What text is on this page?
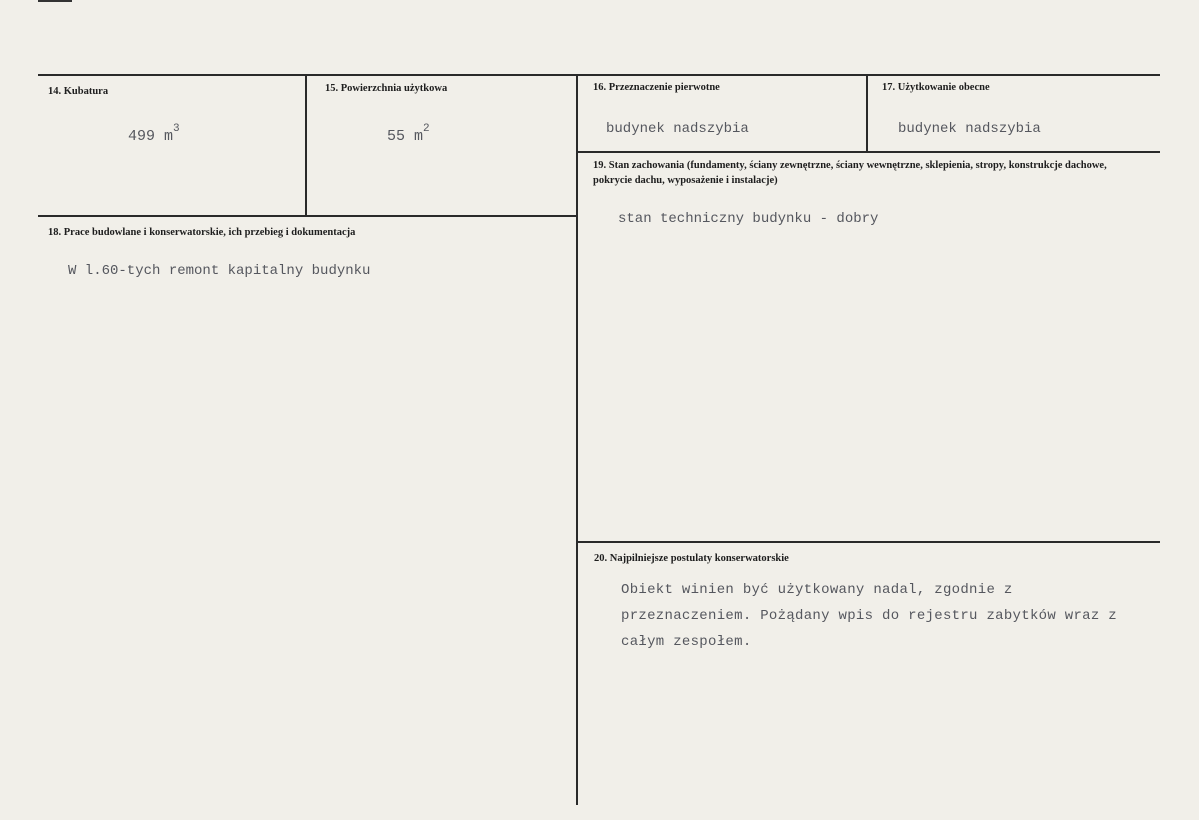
14. Kubatura
499 $m^3$
15. Powierzchnia użytkowa
55 $m^2$
16. Przeznaczenie pierwotne
budynek nadszybia
17. Użytkowanie obecne
budynek nadszybia
19. Stan zachowania (fundamenty, ściany zewnętrzne, ściany wewnętrzne, sklepienia, stropy, konstrukcje dachowe, pokrycie dachu, wyposażenie i instalacje)
stan techniczny budynku - dobry
18. Prace budowlane i konserwatorskie, ich przebieg i dokumentacja
W l.60-tych remont kapitalny budynku
20. Najpilniejsze postulaty konserwatorskie
Obiekt winien być użytkowany nadal, zgodnie z przeznaczeniem. Pożądany wpis do rejestru zabytków wraz z całym zespołem.
